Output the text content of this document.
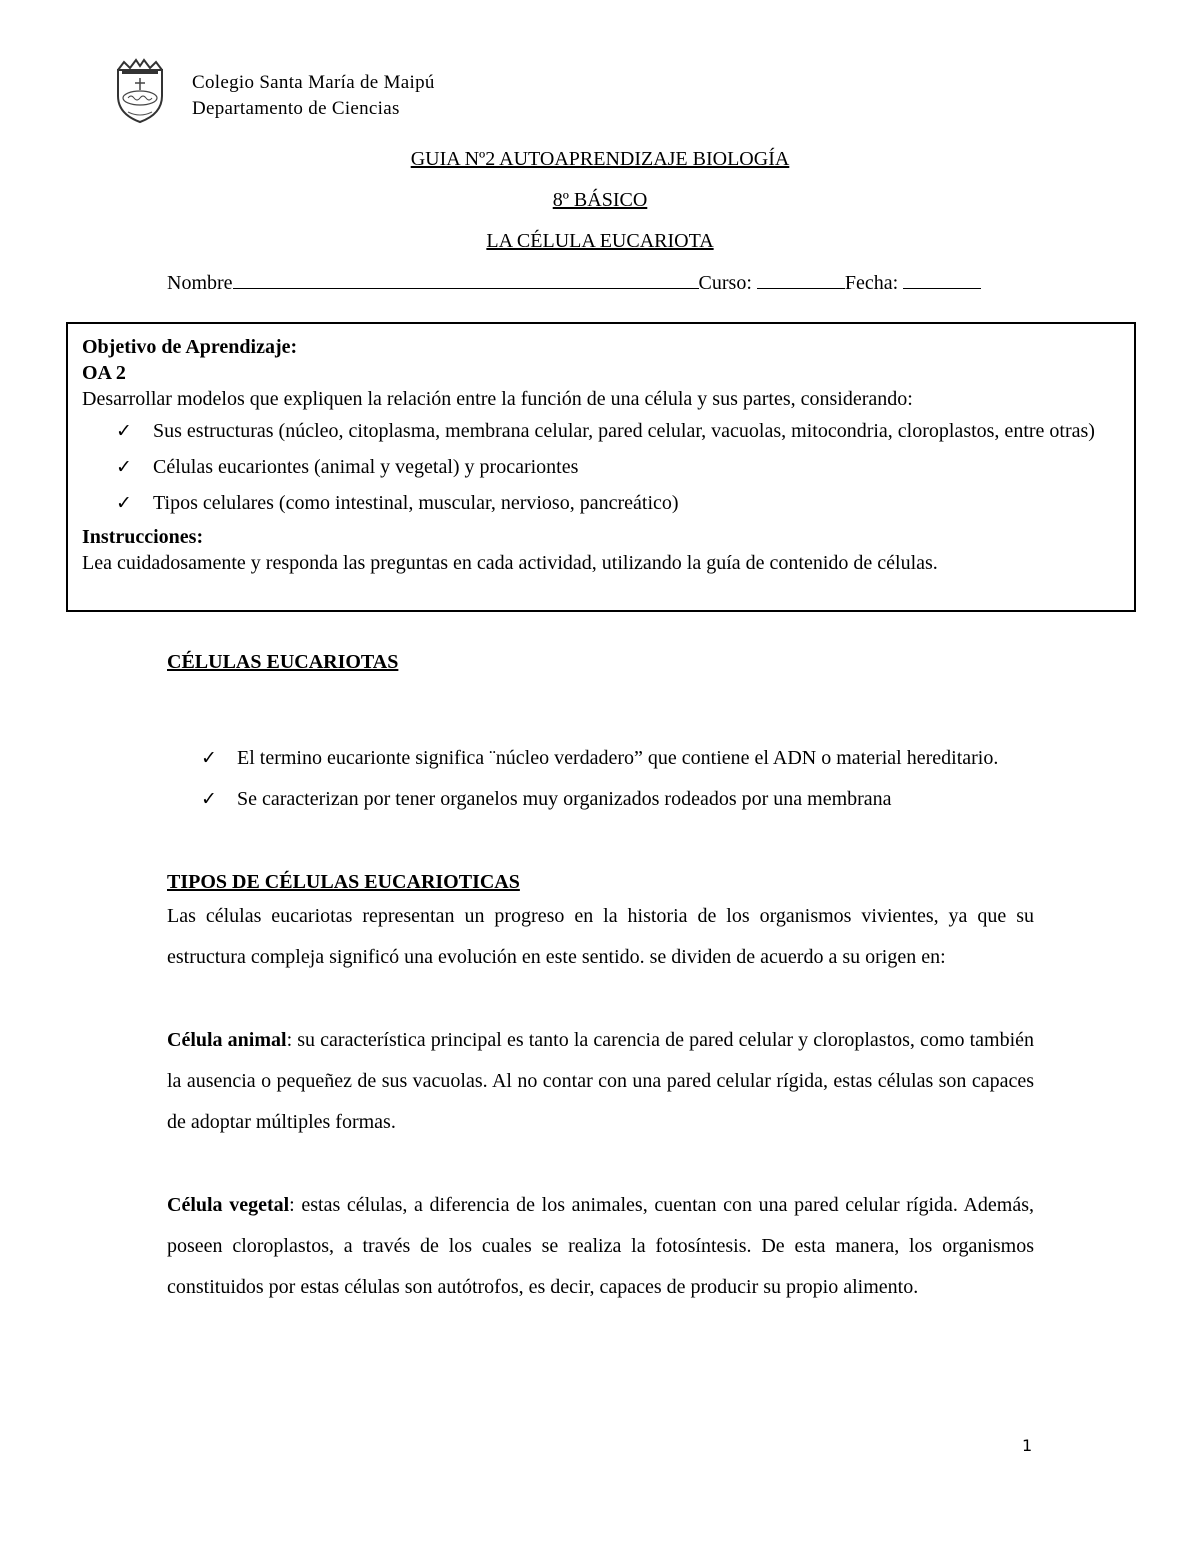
Colegio Santa María de Maipú
Departamento de Ciencias
GUIA Nº2 AUTOAPRENDIZAJE BIOLOGÍA
8º BÁSICO
LA CÉLULA EUCARIOTA
Nombre	Curso:	Fecha:
Objetivo de Aprendizaje:
OA 2
Desarrollar modelos que expliquen la relación entre la función de una célula y sus partes, considerando:
✓ Sus estructuras (núcleo, citoplasma, membrana celular, pared celular, vacuolas, mitocondria, cloroplastos, entre otras)
✓ Células eucariontes (animal y vegetal) y procariontes
✓ Tipos celulares (como intestinal, muscular, nervioso, pancreático)
Instrucciones:
Lea cuidadosamente y responda las preguntas en cada actividad, utilizando la guía de contenido de células.

CÉLULAS EUCARIOTAS

✓ El termino eucarionte significa ¨núcleo verdadero” que contiene el ADN o material hereditario.
✓ Se caracterizan por tener organelos muy organizados rodeados por una membrana

TIPOS DE CÉLULAS EUCARIOTICAS

Las células eucariotas representan un progreso en la historia de los organismos vivientes, ya que su estructura compleja significó una evolución en este sentido. se dividen de acuerdo a su origen en:

Célula animal: su característica principal es tanto la carencia de pared celular y cloroplastos, como también la ausencia o pequeñez de sus vacuolas. Al no contar con una pared celular rígida, estas células son capaces de adoptar múltiples formas.

Célula vegetal: estas células, a diferencia de los animales, cuentan con una pared celular rígida. Además, poseen cloroplastos, a través de los cuales se realiza la fotosíntesis. De esta manera, los organismos constituidos por estas células son autótrofos, es decir, capaces de producir su propio alimento.

1
